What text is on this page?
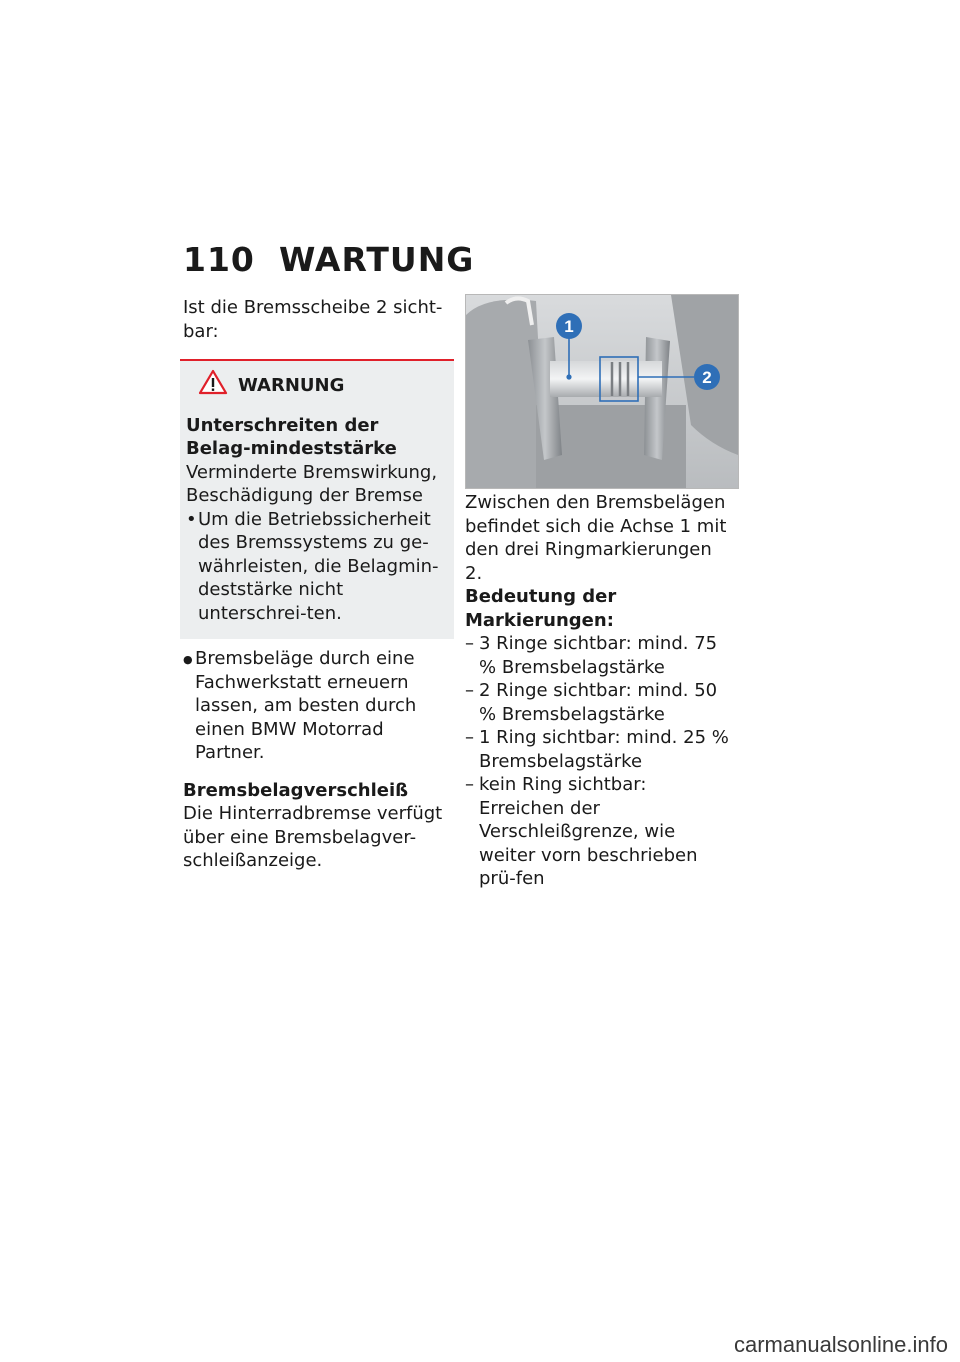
110 WARTUNG

Ist die Bremsscheibe 2 sicht-bar:

WARNUNG

Unterschreiten der Belag-mindeststärke

Verminderte Bremswirkung, Beschädigung der Bremse

• Um die Betriebssicherheit des Bremssystems zu ge-währleisten, die Belagmin-deststärke nicht unterschrei-ten.

● Bremsbeläge durch eine Fachwerkstatt erneuern lassen, am besten durch einen BMW Motorrad Partner.

Bremsbelagverschleiß

Die Hinterradbremse verfügt über eine Bremsbelagver-schleißanzeige.

1
2

Zwischen den Bremsbelägen befindet sich die Achse 1 mit den drei Ringmarkierungen 2.

Bedeutung der Markierungen:

– 3 Ringe sichtbar: mind. 75 % Bremsbelagstärke

– 2 Ringe sichtbar: mind. 50 % Bremsbelagstärke

– 1 Ring sichtbar: mind. 25 % Bremsbelagstärke

– kein Ring sichtbar: Erreichen der Verschleißgrenze, wie weiter vorn beschrieben prü-fen

carmanualsonline.info
